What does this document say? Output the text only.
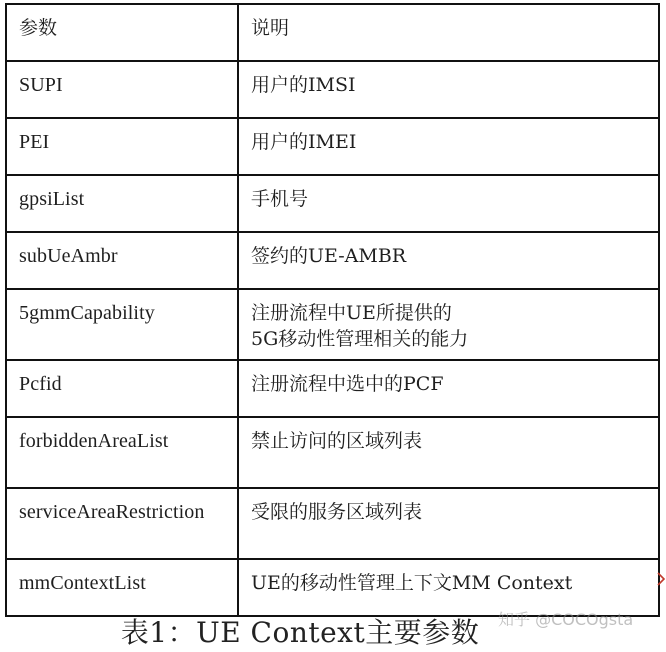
参数	说明
SUPI	用户的IMSI
PEI	用户的IMEI
gpsiList	手机号
subUeAmbr	签约的UE-AMBR
5gmmCapability	注册流程中UE所提供的
5G移动性管理相关的能力
Pcfid	注册流程中选中的PCF
forbiddenAreaList	禁止访问的区域列表
serviceAreaRestriction	受限的服务区域列表
mmContextList	UE的移动性管理上下文MM Context
表1：UE Context主要参数	知乎 @COCOgsta
